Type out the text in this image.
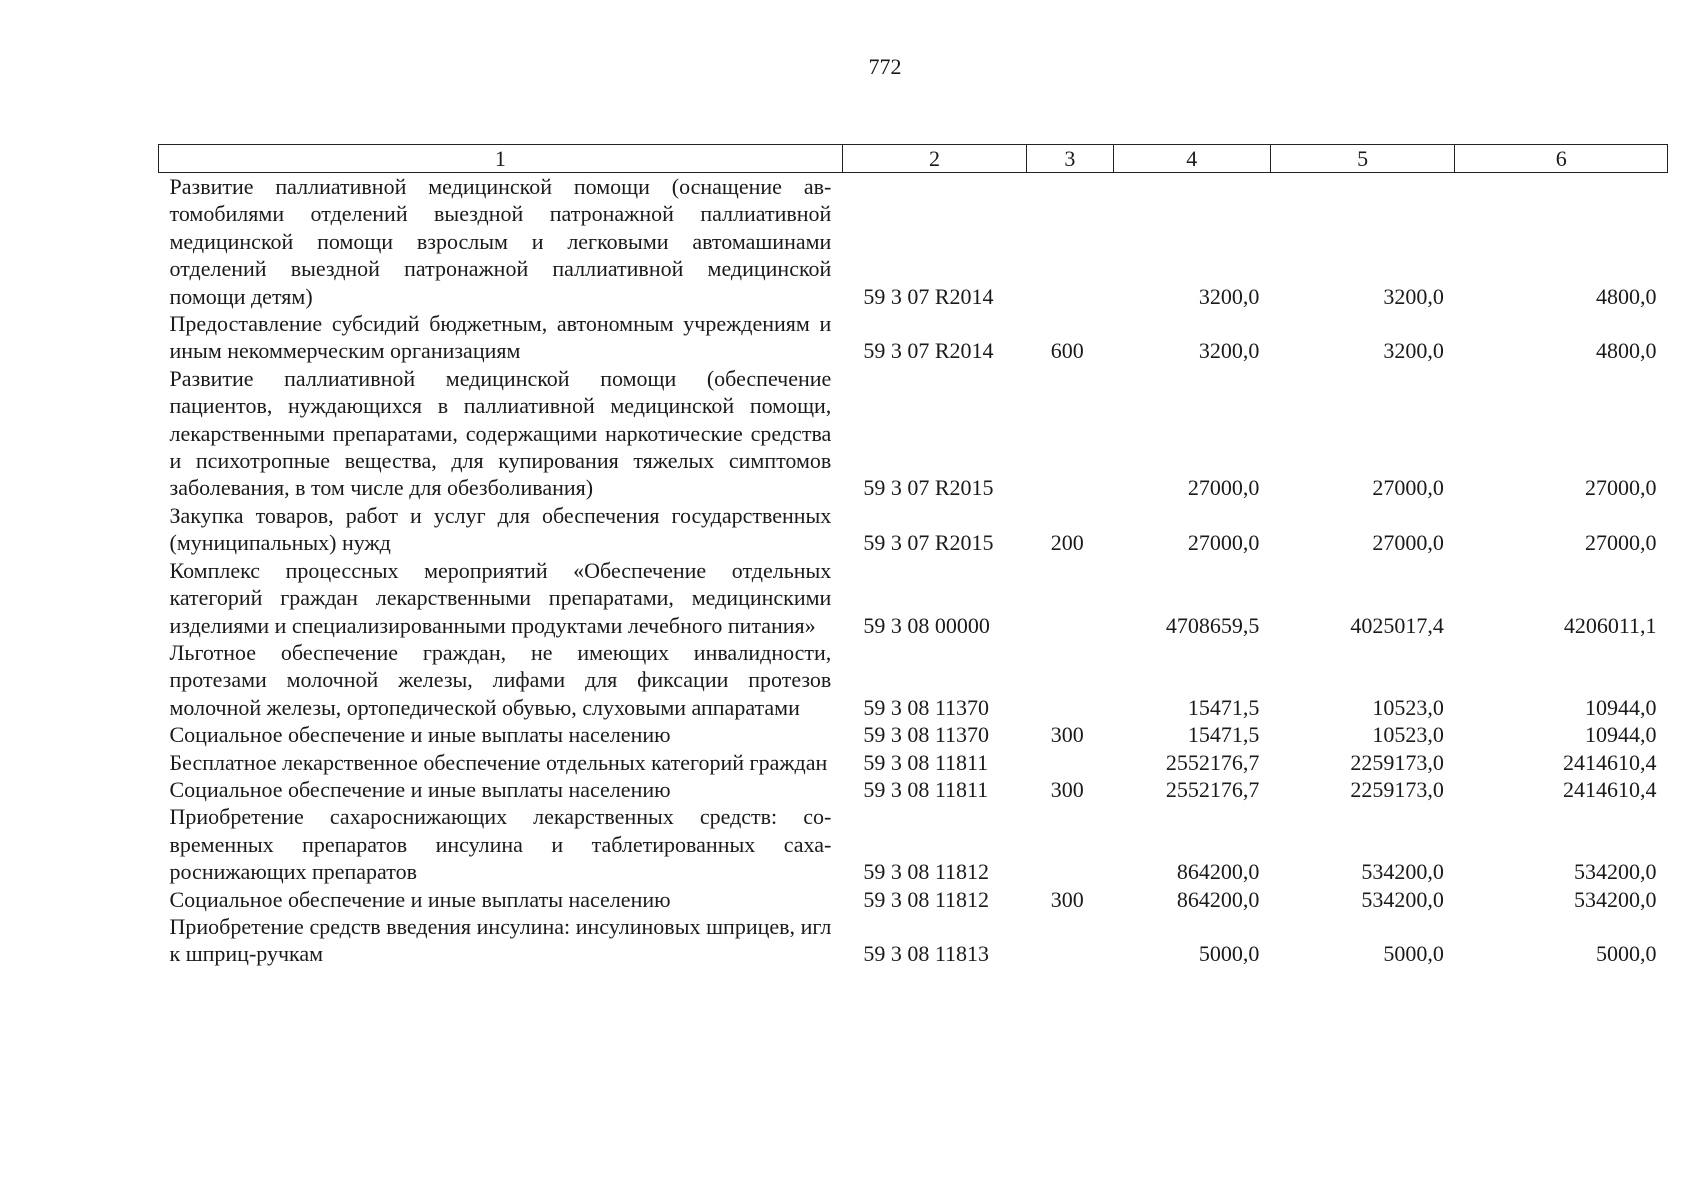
772
1	2	3	4	5	6
Развитие паллиативной медицинской помощи (оснащение автомобилями отделений выездной патронажной паллиативной медицинской помощи взрослым и легковыми автомашинами отделений выездной патронажной паллиативной медицинской помощи детям)	59 3 07 R2014		3200,0	3200,0	4800,0
Предоставление субсидий бюджетным, автономным учреждениям и иным некоммерческим организациям	59 3 07 R2014	600	3200,0	3200,0	4800,0
Развитие паллиативной медицинской помощи (обеспечение пациентов, нуждающихся в паллиативной медицинской помощи, лекарственными препаратами, содержащими наркотические средства и психотропные вещества, для купирования тяжелых симптомов заболевания, в том числе для обезболивания)	59 3 07 R2015		27000,0	27000,0	27000,0
Закупка товаров, работ и услуг для обеспечения государственных (муниципальных) нужд	59 3 07 R2015	200	27000,0	27000,0	27000,0
Комплекс процессных мероприятий «Обеспечение отдельных категорий граждан лекарственными препаратами, медицинскими изделиями и специализированными продуктами лечебного питания»	59 3 08 00000		4708659,5	4025017,4	4206011,1
Льготное обеспечение граждан, не имеющих инвалидности, протезами молочной железы, лифами для фиксации протезов молочной железы, ортопедической обувью, слуховыми аппаратами	59 3 08 11370		15471,5	10523,0	10944,0
Социальное обеспечение и иные выплаты населению	59 3 08 11370	300	15471,5	10523,0	10944,0
Бесплатное лекарственное обеспечение отдельных категорий граждан	59 3 08 11811		2552176,7	2259173,0	2414610,4
Социальное обеспечение и иные выплаты населению	59 3 08 11811	300	2552176,7	2259173,0	2414610,4
Приобретение сахароснижающих лекарственных средств: современных препаратов инсулина и таблетированных сахароснижающих препаратов	59 3 08 11812		864200,0	534200,0	534200,0
Социальное обеспечение и иные выплаты населению	59 3 08 11812	300	864200,0	534200,0	534200,0
Приобретение средств введения инсулина: инсулиновых шприцев, игл к шприц-ручкам	59 3 08 11813		5000,0	5000,0	5000,0
